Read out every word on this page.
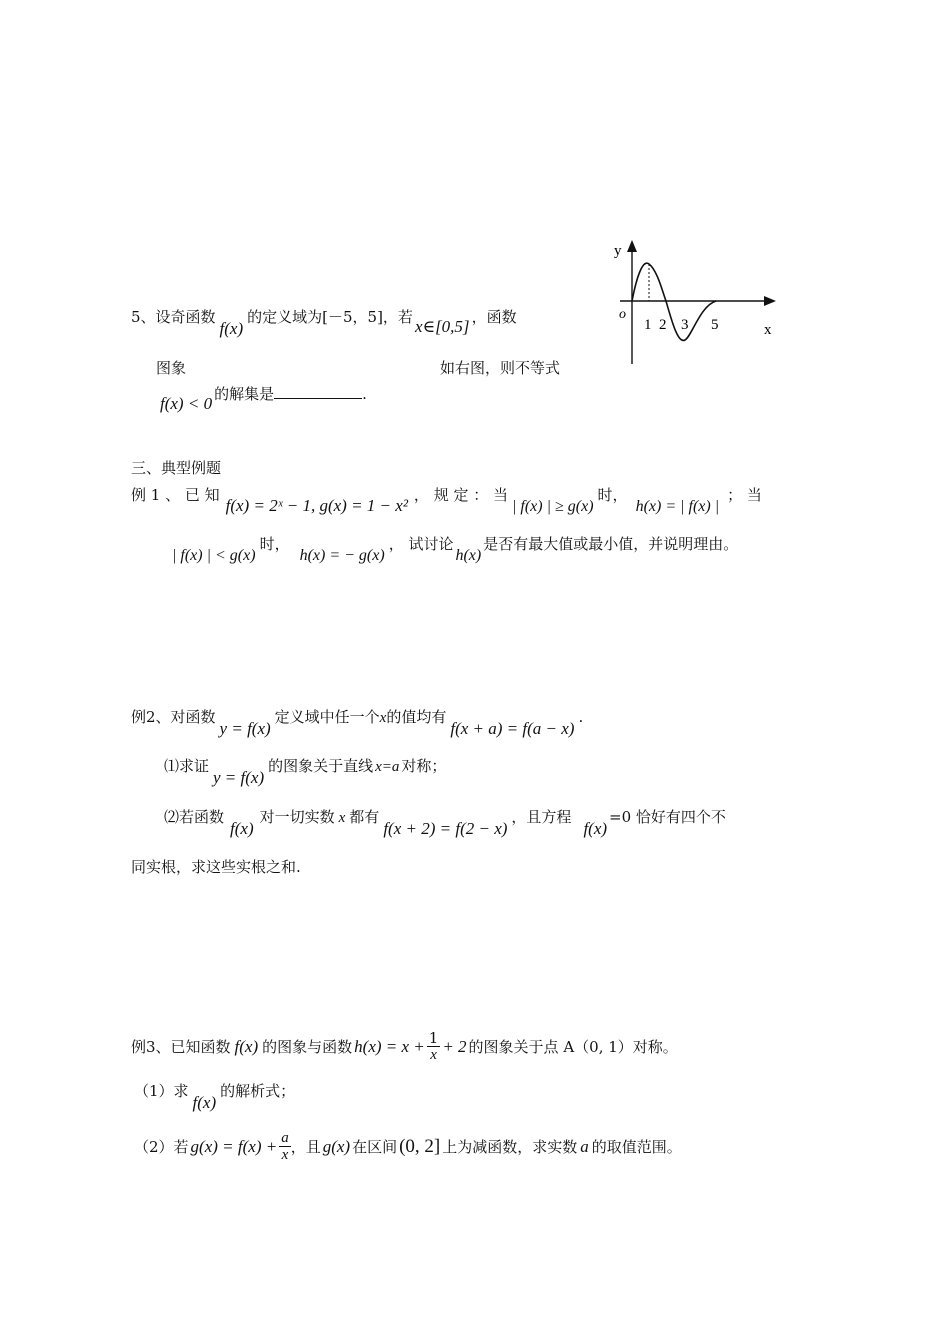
5、设奇函数f(x)的定义域为[－5，5]，若 x∈[0,5] ，函数
图象	如右图，则不等式
f(x) < 0 的解集是	.
y
x
o
1 2 3 5
三、典型例题
例 1 、 已 知f(x) = 2ˣ − 1, g(x) = 1 − x²， 规 定 ： 当| f(x) | ≥ g(x)时，h(x) = | f(x) |； 当
| f(x) | < g(x)时，h(x) = − g(x)， 试讨论h(x)是否有最大值或最小值，并说明理由。
例2、对函数y = f(x)定义域中任一个x的值均有f(x + a) = f(a − x).
⑴求证y = f(x)的图象关于直线 x=a 对称；
⑵若函数f(x)对一切实数 x 都有f(x + 2) = f(2 − x)，且方程f(x)=0 恰好有四个不
同实根，求这些实根之和.
例3、已知函数 f(x) 的图象与函数 $h(x) = x + \frac{1}{x} + 2$ 的图象关于点 A（0, 1）对称。
（1）求f(x)的解析式；
（2）若 $g(x) = f(x) + \frac{a}{x}$ ，且 g(x) 在区间 (0, 2] 上为减函数，求实数 a 的取值范围。
